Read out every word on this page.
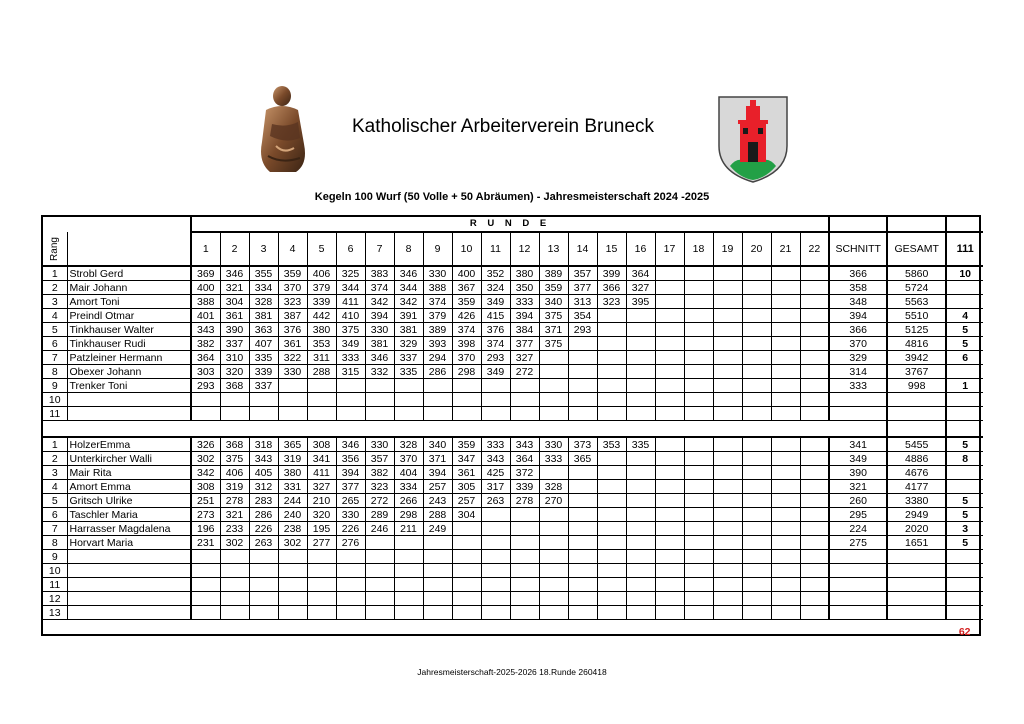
Katholischer Arbeiterverein Bruneck
Kegeln 100 Wurf (50 Volle + 50 Abräumen) - Jahresmeisterschaft 2024 -2025
		R U N D E																								
Rang		1	2	3	4	5	6	7	8	9	10	11	12	13	14	15	16	17	18	19	20	21	22	SCHNITT	GESAMT	111
1	Strobl Gerd	369	346	355	359	406	325	383	346	330	400	352	380	389	357	399	364							366	5860	10
2	Mair Johann	400	321	334	370	379	344	374	344	388	367	324	350	359	377	366	327							358	5724	
3	Amort Toni	388	304	328	323	339	411	342	342	374	359	349	333	340	313	323	395							348	5563	
4	Preindl Otmar	401	361	381	387	442	410	394	391	379	426	415	394	375	354									394	5510	4
5	Tinkhauser Walter	343	390	363	376	380	375	330	381	389	374	376	384	371	293									366	5125	5
6	Tinkhauser Rudi	382	337	407	361	353	349	381	329	393	398	374	377	375										370	4816	5
7	Patzleiner Hermann	364	310	335	322	311	333	346	337	294	370	293	327											329	3942	6
8	Obexer Johann	303	320	339	330	288	315	332	335	286	298	349	272											314	3767	
9	Trenker Toni	293	368	337																				333	998	1
10																										
11																										

1	HolzerEmma	326	368	318	365	308	346	330	328	340	359	333	343	330	373	353	335							341	5455	5
2	Unterkircher Walli	302	375	343	319	341	356	357	370	371	347	343	364	333	365									349	4886	8
3	Mair Rita	342	406	405	380	411	394	382	404	394	361	425	372											390	4676	
4	Amort Emma	308	319	312	331	327	377	323	334	257	305	317	339	328										321	4177	
5	Gritsch Ulrike	251	278	283	244	210	265	272	266	243	257	263	278	270										260	3380	5
6	Taschler Maria	273	321	286	240	320	330	289	298	288	304													295	2949	5
7	Harrasser Magdalena	196	233	226	238	195	226	246	211	249														224	2020	3
8	Horvart Maria	231	302	263	302	277	276																	275	1651	5
9																										
10																										
11																										
12																										
13																										
																										62
Jahresmeisterschaft-2025-2026 18.Runde 260418
